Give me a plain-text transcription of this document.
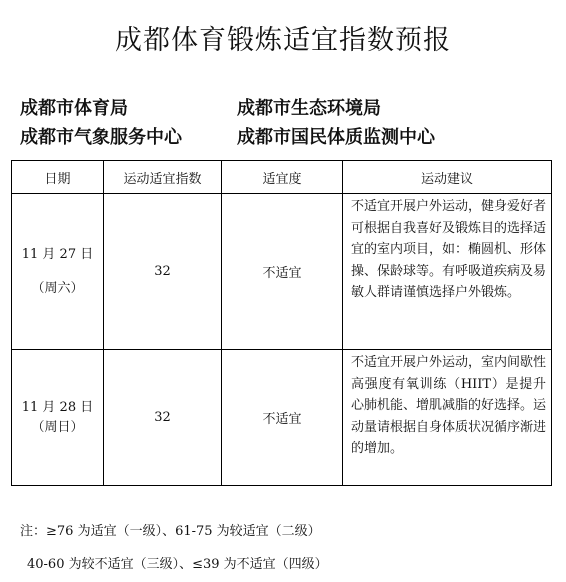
成都体育锻炼适宜指数预报
成都市体育局	成都市生态环境局
成都市气象服务中心	成都市国民体质监测中心
日期	运动适宜指数	适宜度	运动建议

11 月 27 日
（周六）	32	不适宜	不适宜开展户外运动，健身爱好者可根据自我喜好及锻炼目的选择适宜的室内项目，如：椭圆机、形体操、保龄球等。有呼吸道疾病及易敏人群请谨慎选择户外锻炼。

11 月 28 日
（周日）	32	不适宜	不适宜开展户外运动，室内间歇性高强度有氧训练（HIIT）是提升心肺机能、增肌减脂的好选择。运动量请根据自身体质状况循序渐进的增加。
注：≥76 为适宜（一级）、61-75 为较适宜（二级）
40-60 为较不适宜（三级）、≤39 为不适宜（四级）
